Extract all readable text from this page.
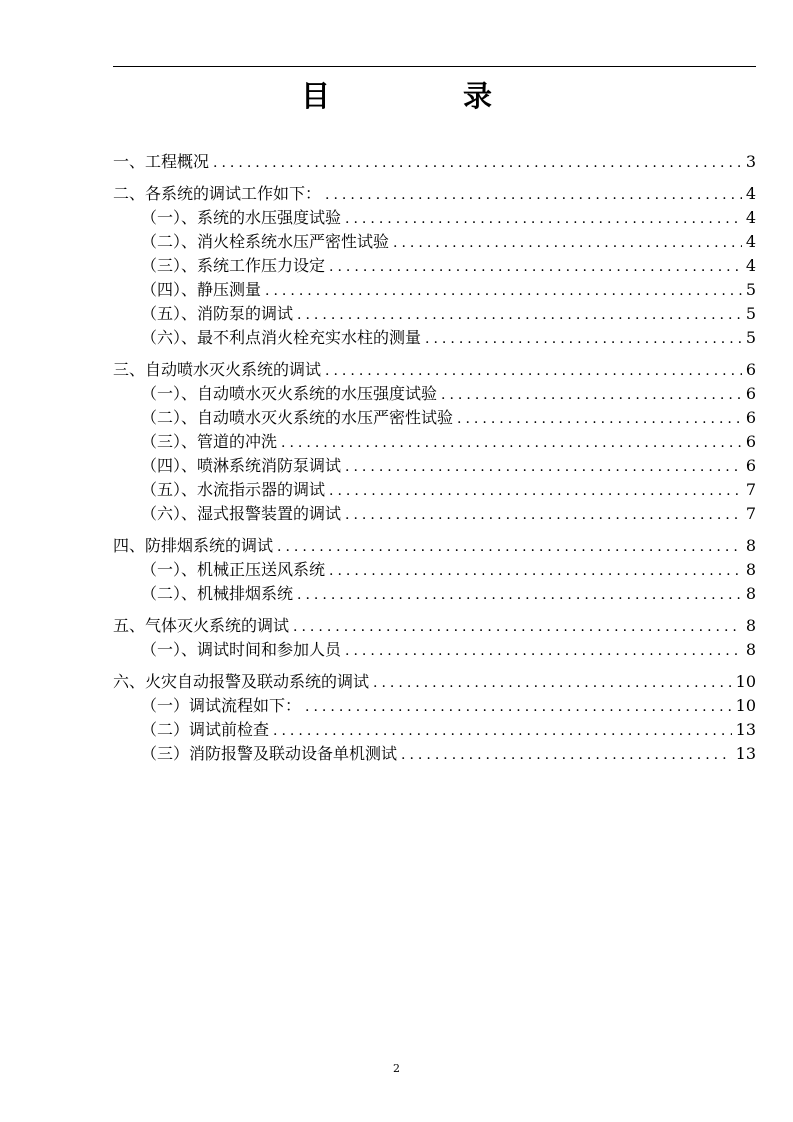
目　录
一、工程概况 .....	3
二、各系统的调试工作如下： .....	4
（一）、系统的水压强度试验 .....	4
（二）、消火栓系统水压严密性试验 .....	4
（三）、系统工作压力设定 .....	4
（四）、静压测量 .....	5
（五）、消防泵的调试 .....	5
（六）、最不利点消火栓充实水柱的测量 .....	5
三、自动喷水灭火系统的调试 .....	6
（一）、自动喷水灭火系统的水压强度试验 .....	6
（二）、自动喷水灭火系统的水压严密性试验 .....	6
（三）、管道的冲洗 .....	6
（四）、喷淋系统消防泵调试 .....	6
（五）、水流指示器的调试 .....	7
（六）、湿式报警装置的调试 .....	7
四、防排烟系统的调试 .....	8
（一）、机械正压送风系统 .....	8
（二）、机械排烟系统 .....	8
五、气体灭火系统的调试 .....	8
（一）、调试时间和参加人员 .....	8
六、火灾自动报警及联动系统的调试 .....	10
（一）调试流程如下： .....	10
（二）调试前检查 .....	13
（三）消防报警及联动设备单机测试 .....	13
2
